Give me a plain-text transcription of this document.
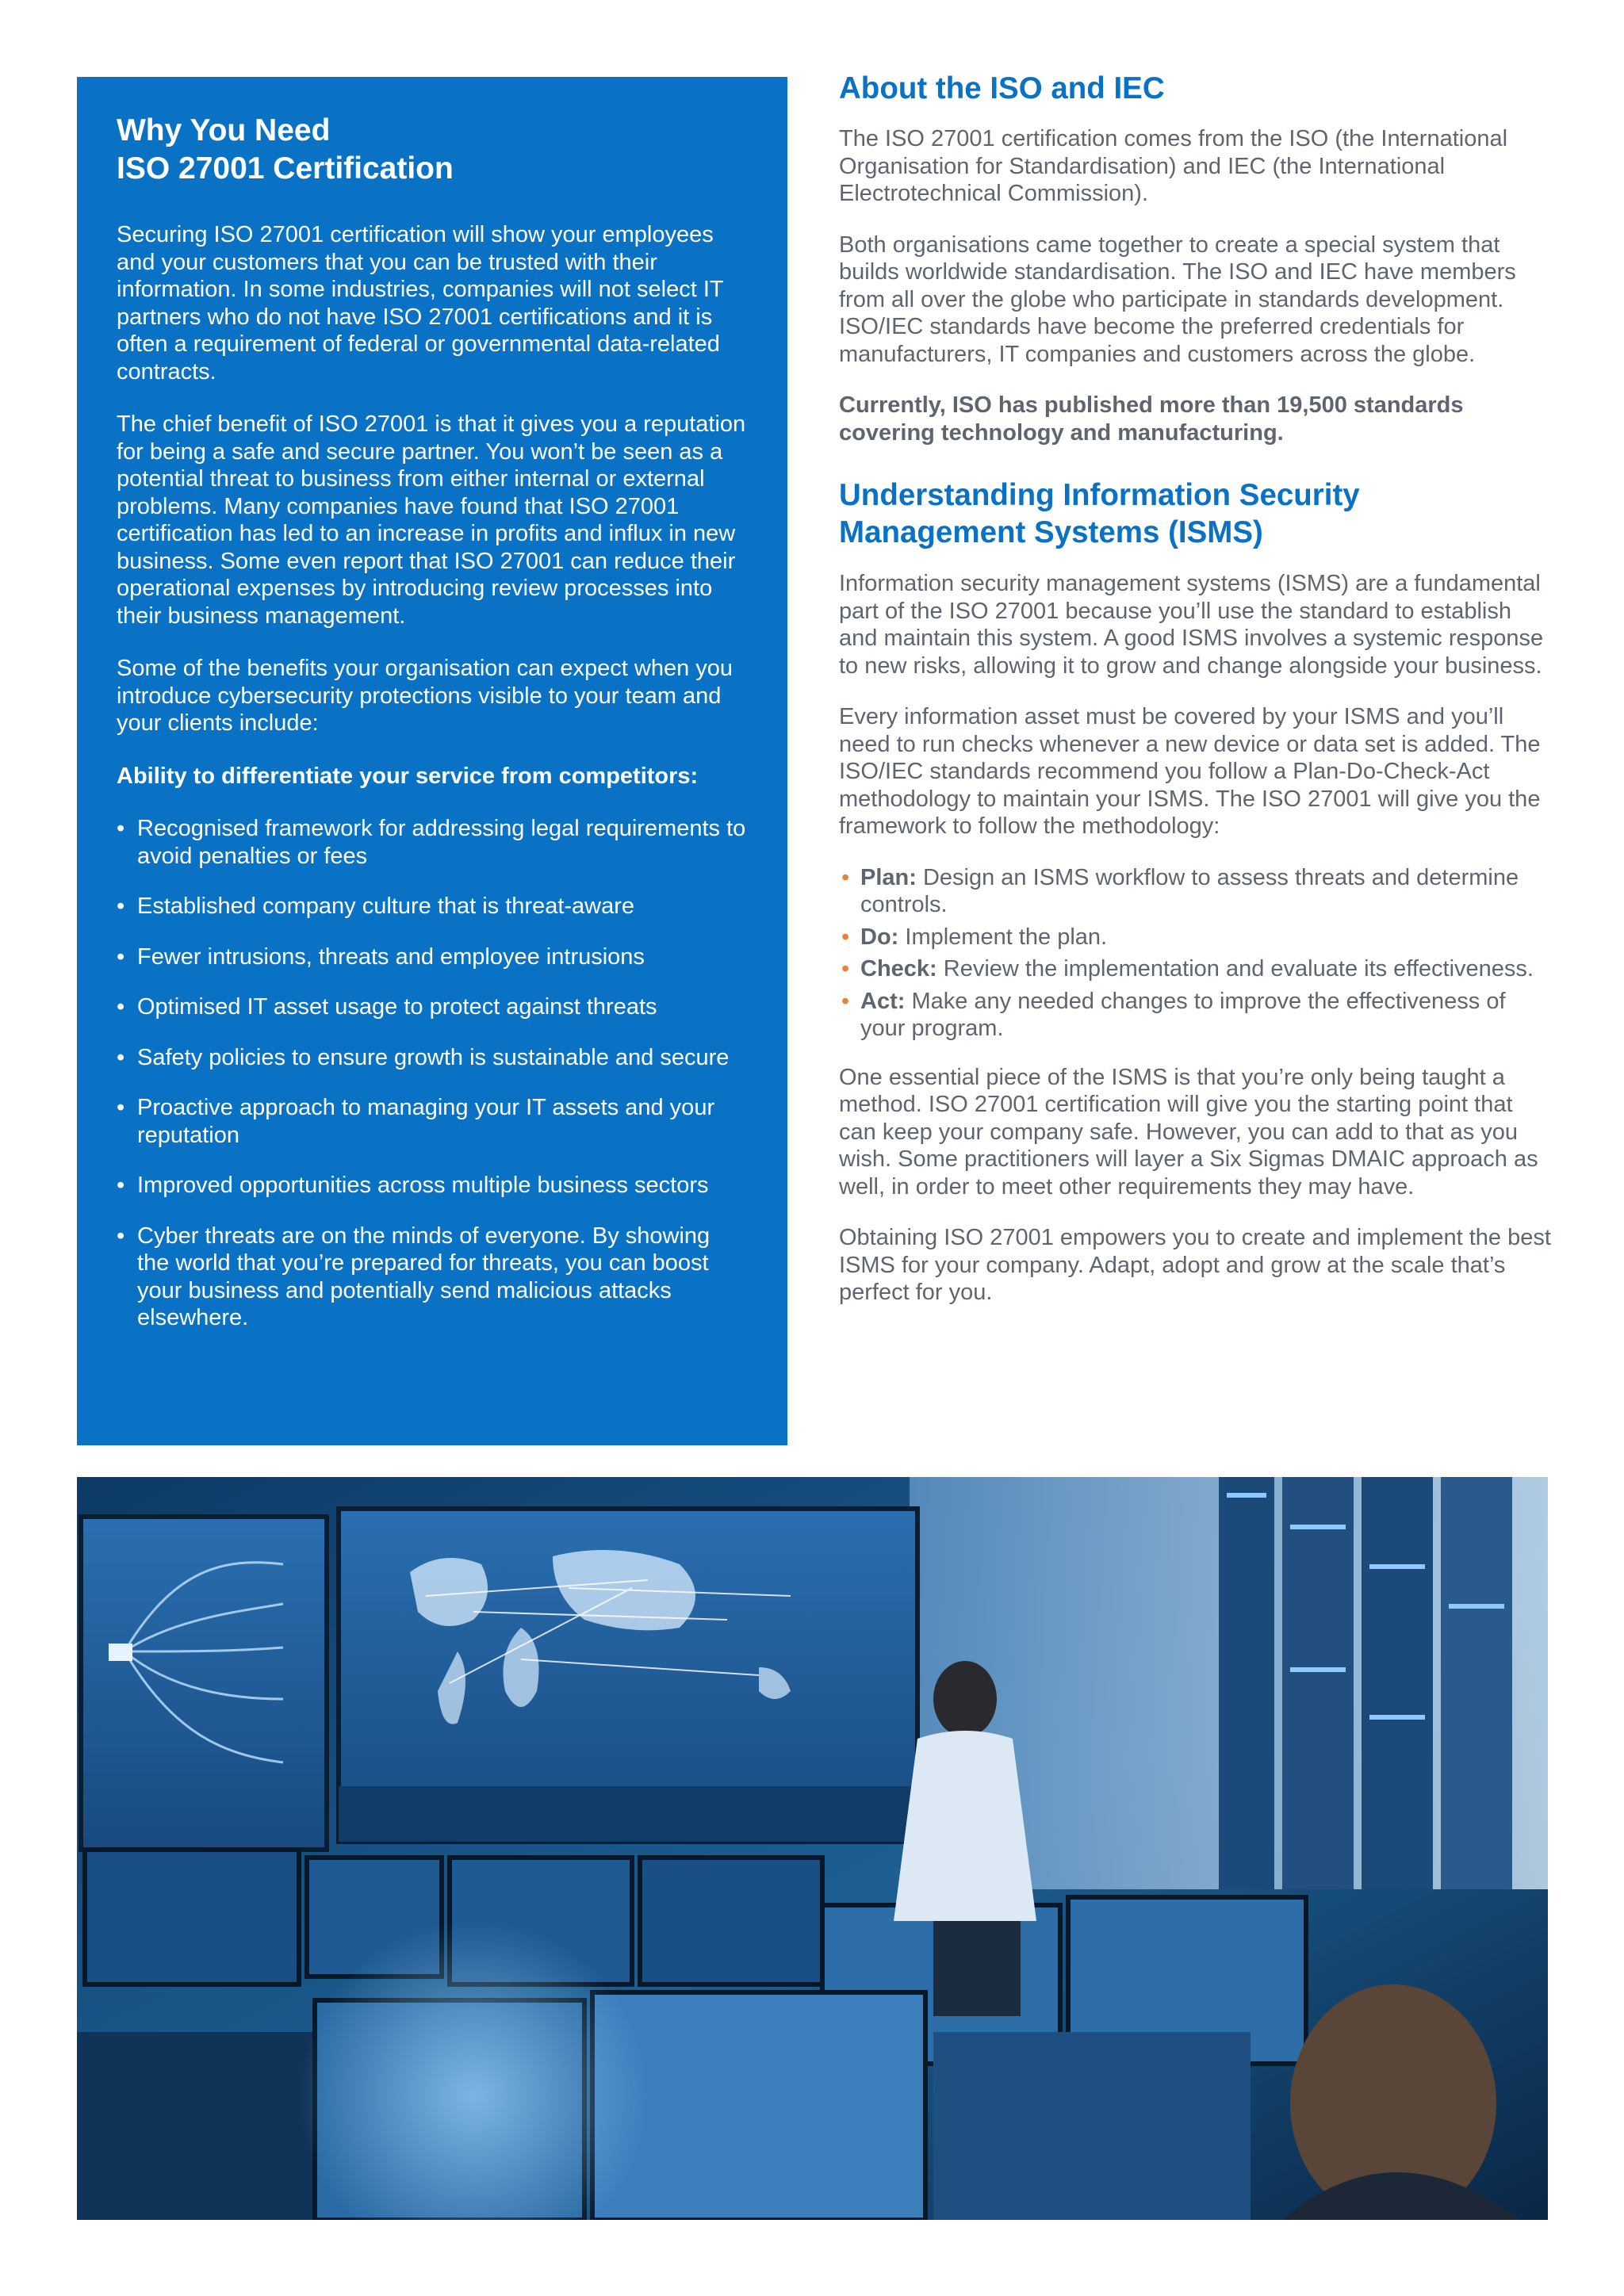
Why You Need
ISO 27001 Certification

Securing ISO 27001 certification will show your employees and your customers that you can be trusted with their information. In some industries, companies will not select IT partners who do not have ISO 27001 certifications and it is often a requirement of federal or governmental data-related contracts.

The chief benefit of ISO 27001 is that it gives you a reputation for being a safe and secure partner. You won’t be seen as a potential threat to business from either internal or external problems. Many companies have found that ISO 27001 certification has led to an increase in profits and influx in new business. Some even report that ISO 27001 can reduce their operational expenses by introducing review processes into their business management.

Some of the benefits your organisation can expect when you introduce cybersecurity protections visible to your team and your clients include:

Ability to differentiate your service from competitors:

• Recognised framework for addressing legal requirements to avoid penalties or fees
• Established company culture that is threat-aware
• Fewer intrusions, threats and employee intrusions
• Optimised IT asset usage to protect against threats
• Safety policies to ensure growth is sustainable and secure
• Proactive approach to managing your IT assets and your reputation
• Improved opportunities across multiple business sectors
• Cyber threats are on the minds of everyone. By showing the world that you’re prepared for threats, you can boost your business and potentially send malicious attacks elsewhere.
About the ISO and IEC

The ISO 27001 certification comes from the ISO (the International Organisation for Standardisation) and IEC (the International Electrotechnical Commission).

Both organisations came together to create a special system that builds worldwide standardisation. The ISO and IEC have members from all over the globe who participate in standards development. ISO/IEC standards have become the preferred credentials for manufacturers, IT companies and customers across the globe.

Currently, ISO has published more than 19,500 standards covering technology and manufacturing.

Understanding Information Security
Management Systems (ISMS)

Information security management systems (ISMS) are a fundamental part of the ISO 27001 because you’ll use the standard to establish and maintain this system. A good ISMS involves a systemic response to new risks, allowing it to grow and change alongside your business.

Every information asset must be covered by your ISMS and you’ll need to run checks whenever a new device or data set is added. The ISO/IEC standards recommend you follow a Plan-Do-Check-Act methodology to maintain your ISMS. The ISO 27001 will give you the framework to follow the methodology:

• Plan: Design an ISMS workflow to assess threats and determine controls.
• Do: Implement the plan.
• Check: Review the implementation and evaluate its effectiveness.
• Act: Make any needed changes to improve the effectiveness of your program.

One essential piece of the ISMS is that you’re only being taught a method. ISO 27001 certification will give you the starting point that can keep your company safe. However, you can add to that as you wish. Some practitioners will layer a Six Sigmas DMAIC approach as well, in order to meet other requirements they may have.

Obtaining ISO 27001 empowers you to create and implement the best ISMS for your company. Adapt, adopt and grow at the scale that’s perfect for you.
